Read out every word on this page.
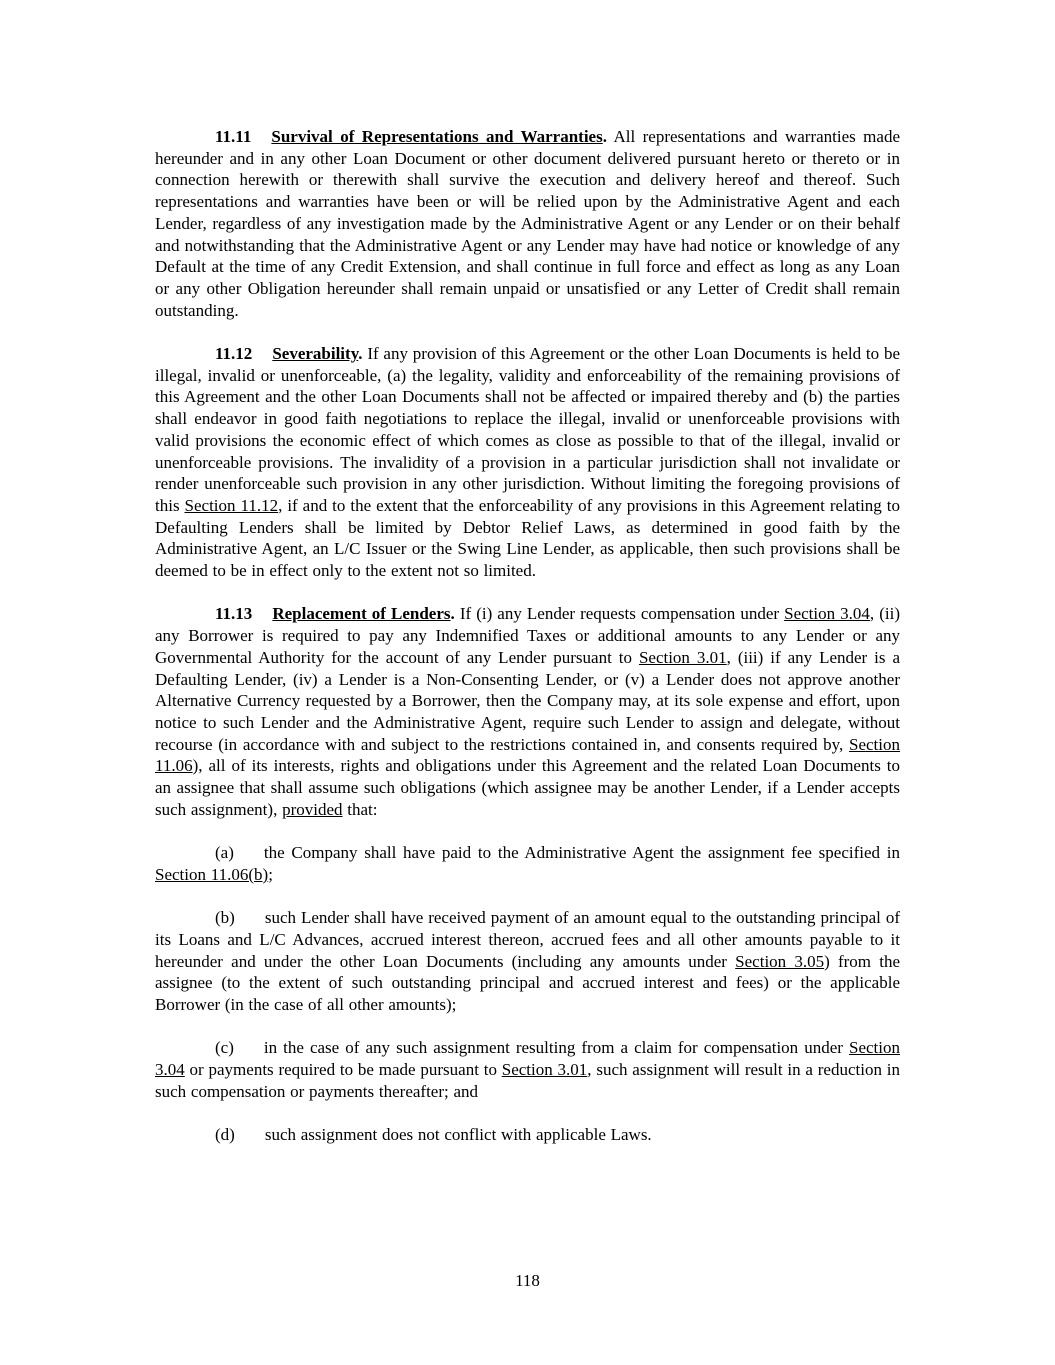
11.11 Survival of Representations and Warranties. All representations and warranties made hereunder and in any other Loan Document or other document delivered pursuant hereto or thereto or in connection herewith or therewith shall survive the execution and delivery hereof and thereof. Such representations and warranties have been or will be relied upon by the Administrative Agent and each Lender, regardless of any investigation made by the Administrative Agent or any Lender or on their behalf and notwithstanding that the Administrative Agent or any Lender may have had notice or knowledge of any Default at the time of any Credit Extension, and shall continue in full force and effect as long as any Loan or any other Obligation hereunder shall remain unpaid or unsatisfied or any Letter of Credit shall remain outstanding.

11.12 Severability. If any provision of this Agreement or the other Loan Documents is held to be illegal, invalid or unenforceable, (a) the legality, validity and enforceability of the remaining provisions of this Agreement and the other Loan Documents shall not be affected or impaired thereby and (b) the parties shall endeavor in good faith negotiations to replace the illegal, invalid or unenforceable provisions with valid provisions the economic effect of which comes as close as possible to that of the illegal, invalid or unenforceable provisions. The invalidity of a provision in a particular jurisdiction shall not invalidate or render unenforceable such provision in any other jurisdiction. Without limiting the foregoing provisions of this Section 11.12, if and to the extent that the enforceability of any provisions in this Agreement relating to Defaulting Lenders shall be limited by Debtor Relief Laws, as determined in good faith by the Administrative Agent, an L/C Issuer or the Swing Line Lender, as applicable, then such provisions shall be deemed to be in effect only to the extent not so limited.

11.13 Replacement of Lenders. If (i) any Lender requests compensation under Section 3.04, (ii) any Borrower is required to pay any Indemnified Taxes or additional amounts to any Lender or any Governmental Authority for the account of any Lender pursuant to Section 3.01, (iii) if any Lender is a Defaulting Lender, (iv) a Lender is a Non-Consenting Lender, or (v) a Lender does not approve another Alternative Currency requested by a Borrower, then the Company may, at its sole expense and effort, upon notice to such Lender and the Administrative Agent, require such Lender to assign and delegate, without recourse (in accordance with and subject to the restrictions contained in, and consents required by, Section 11.06), all of its interests, rights and obligations under this Agreement and the related Loan Documents to an assignee that shall assume such obligations (which assignee may be another Lender, if a Lender accepts such assignment), provided that:

(a) the Company shall have paid to the Administrative Agent the assignment fee specified in Section 11.06(b);

(b) such Lender shall have received payment of an amount equal to the outstanding principal of its Loans and L/C Advances, accrued interest thereon, accrued fees and all other amounts payable to it hereunder and under the other Loan Documents (including any amounts under Section 3.05) from the assignee (to the extent of such outstanding principal and accrued interest and fees) or the applicable Borrower (in the case of all other amounts);

(c) in the case of any such assignment resulting from a claim for compensation under Section 3.04 or payments required to be made pursuant to Section 3.01, such assignment will result in a reduction in such compensation or payments thereafter; and

(d) such assignment does not conflict with applicable Laws.

118
